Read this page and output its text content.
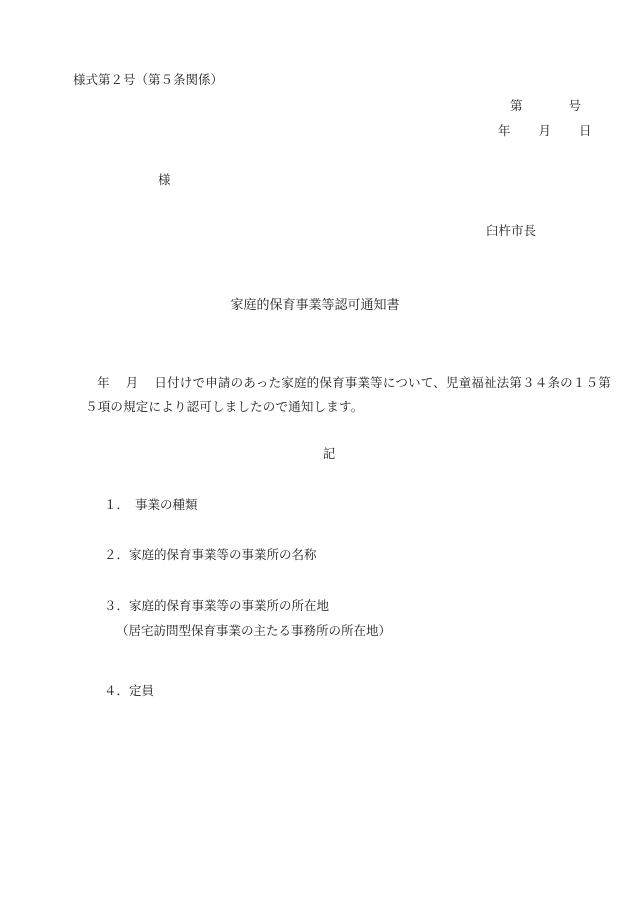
様式第２号（第５条関係）
第	号
年 月 日
様
臼杵市長
家庭的保育事業等認可通知書
年 月 日付けで申請のあった家庭的保育事業等について、児童福祉法第３４条の１５第
５項の規定により認可しましたので通知します。
記
１． 事業の種類
２．家庭的保育事業等の事業所の名称
３．家庭的保育事業等の事業所の所在地
（居宅訪問型保育事業の主たる事務所の所在地）
４．定員
